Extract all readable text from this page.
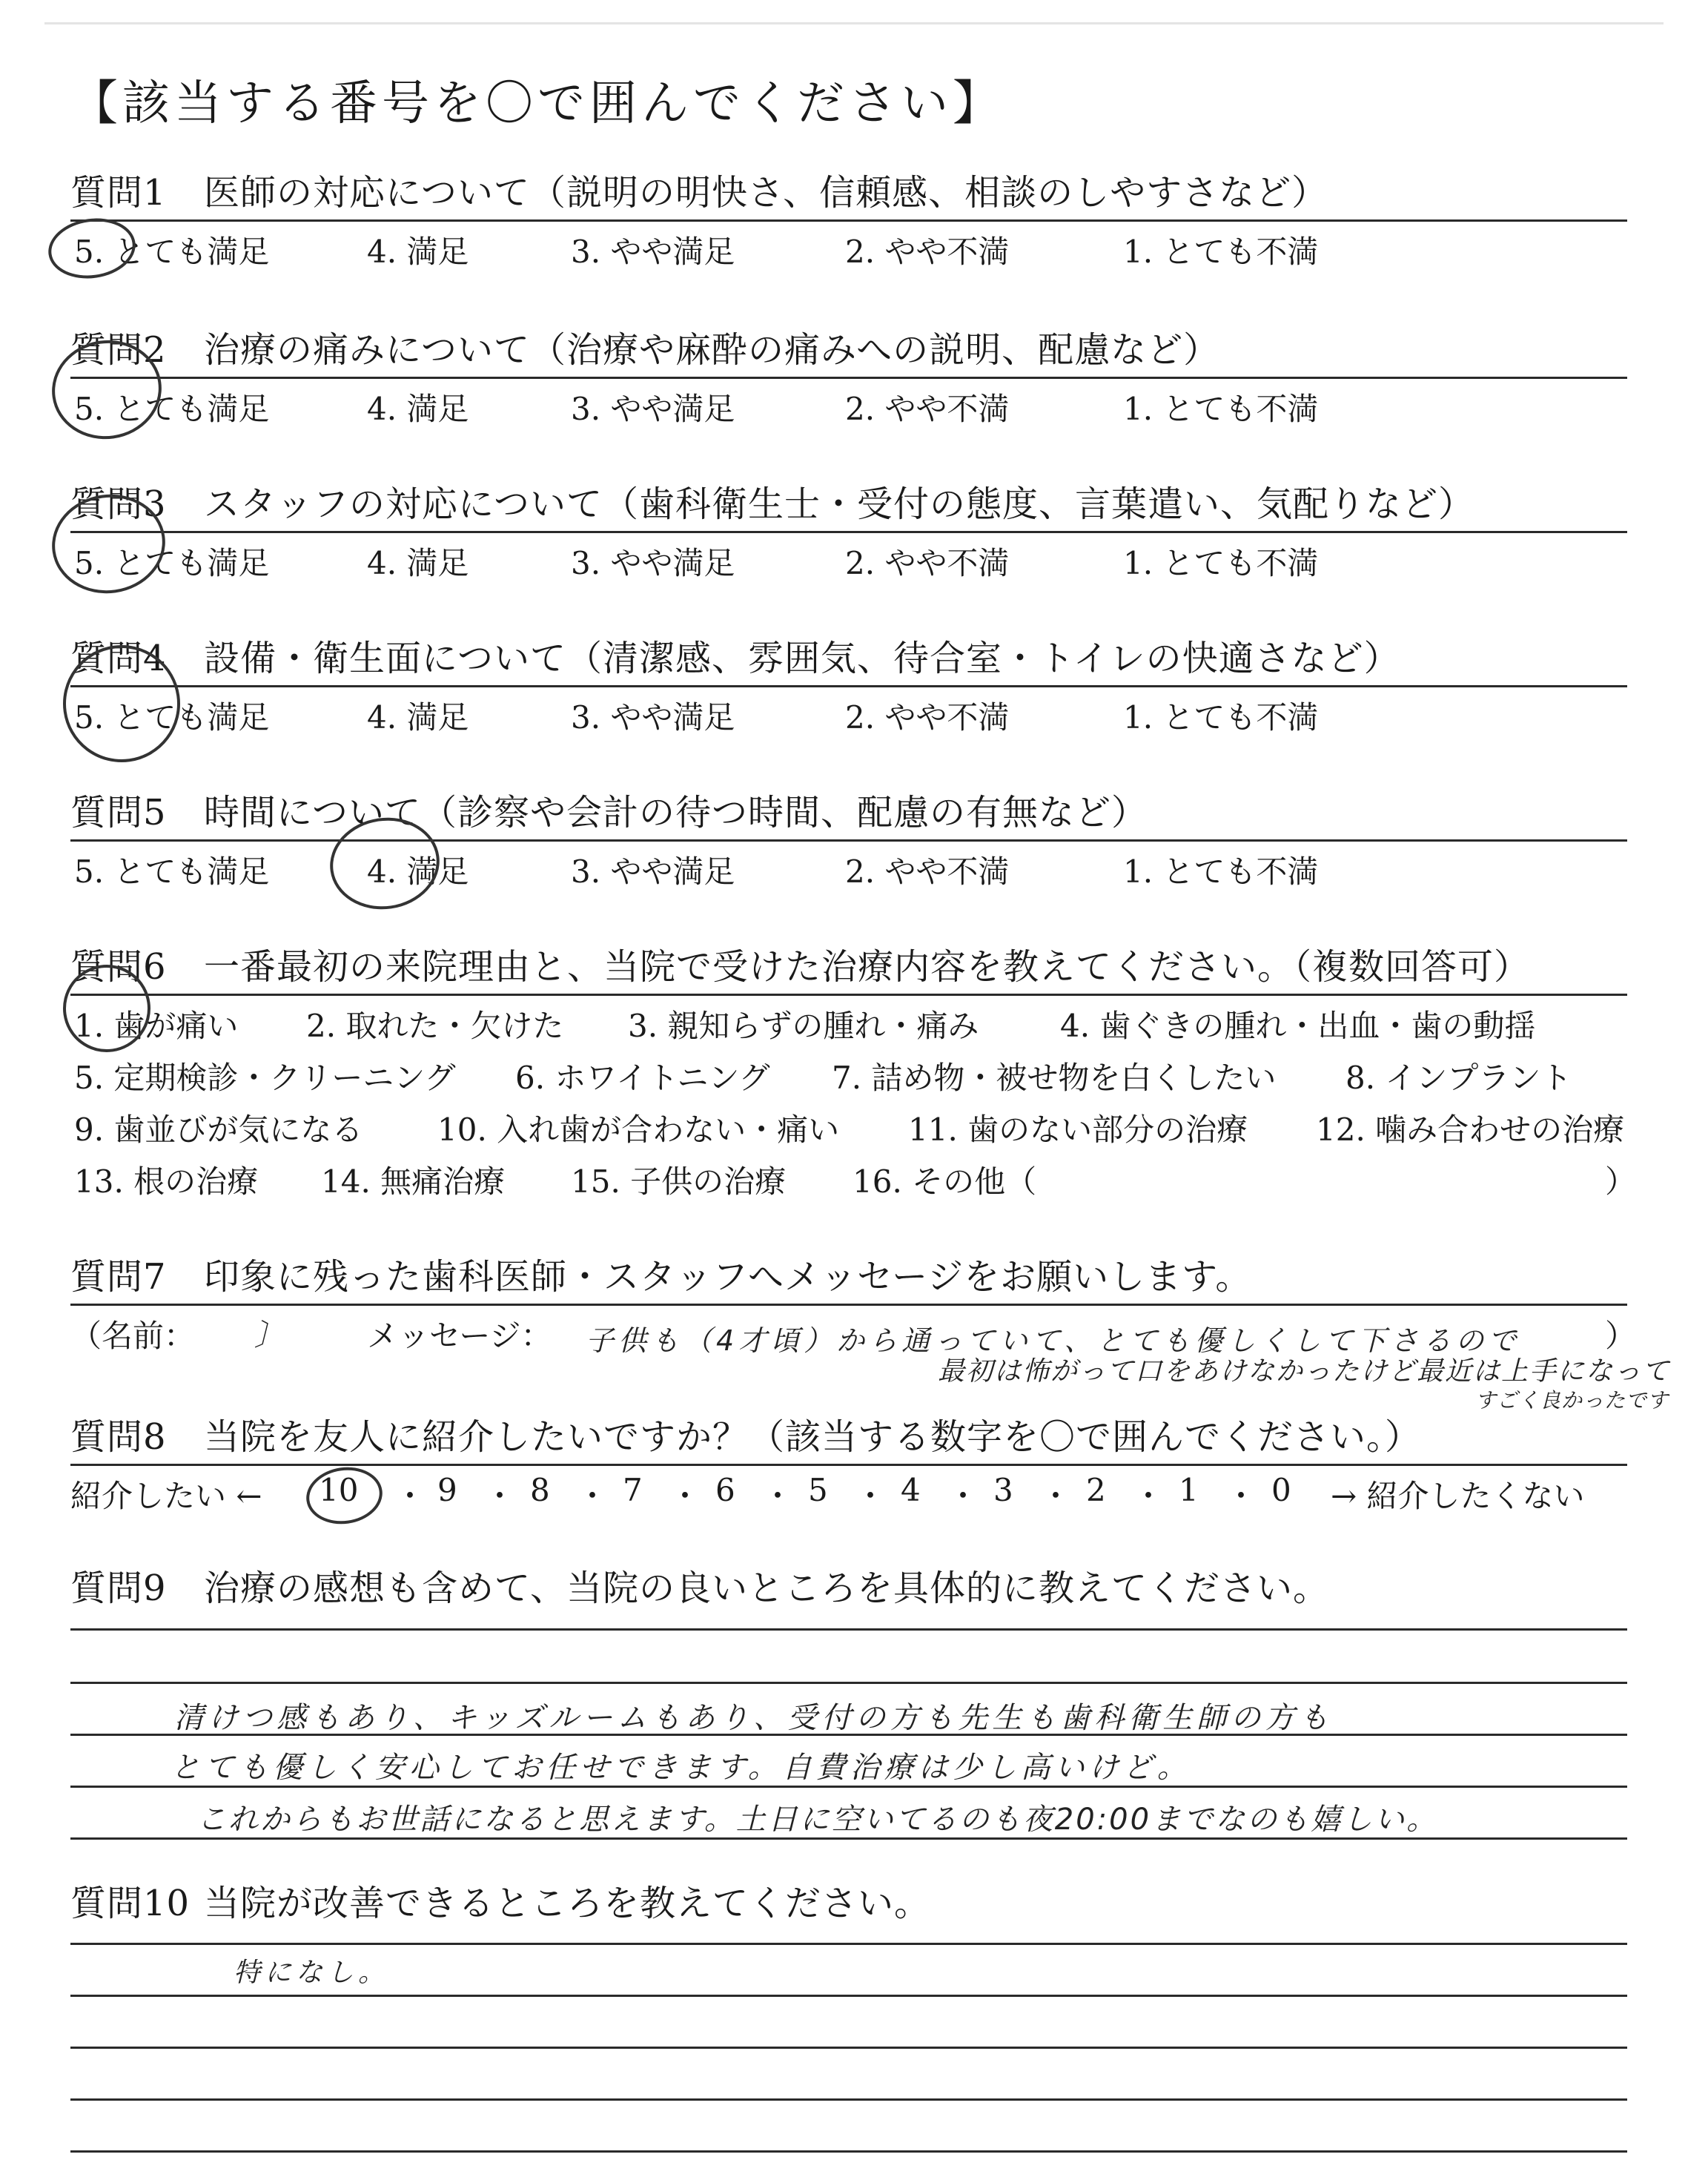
【該当する番号を〇で囲んでください】
質問1 医師の対応について（説明の明快さ、信頼感、相談のしやすさなど）
5. とても満足	4. 満足	3. やや満足	2. やや不満	1. とても不満
質問2 治療の痛みについて（治療や麻酔の痛みへの説明、配慮など）
5. とても満足	4. 満足	3. やや満足	2. やや不満	1. とても不満
質問3 スタッフの対応について（歯科衛生士・受付の態度、言葉遣い、気配りなど）
5. とても満足	4. 満足	3. やや満足	2. やや不満	1. とても不満
質問4 設備・衛生面について（清潔感、雰囲気、待合室・トイレの快適さなど）
5. とても満足	4. 満足	3. やや満足	2. やや不満	1. とても不満
質問5 時間について（診察や会計の待つ時間、配慮の有無など）
5. とても満足	4. 満足	3. やや満足	2. やや不満	1. とても不満
質問6 一番最初の来院理由と、当院で受けた治療内容を教えてください。（複数回答可）
1. 歯が痛い 2. 取れた・欠けた 3. 親知らずの腫れ・痛み	4. 歯ぐきの腫れ・出血・歯の動揺
5. 定期検診・クリーニング 6. ホワイトニング 7. 詰め物・被せ物を白くしたい 8. インプラント
9. 歯並びが気になる 10. 入れ歯が合わない・痛い 11. 歯のない部分の治療 12. 噛み合わせの治療
13. 根の治療 14. 無痛治療 15. 子供の治療 16. その他（	）
質問7 印象に残った歯科医師・スタッフへメッセージをお願いします。
（名前： 〕	メッセージ：	）
子供も（4才頃）から通っていて、とても優しくして下さるので
最初は怖がって口をあけなかったけど最近は上手になって
すごく良かったです
質問8 当院を友人に紹介したいですか？（該当する数字を〇で囲んでください。）
紹介したい ← 10 ・ 9 ・ 8 ・ 7 ・ 6 ・ 5 ・ 4 ・ 3 ・ 2 ・ 1 ・ 0 → 紹介したくない
質問9 治療の感想も含めて、当院の良いところを具体的に教えてください。
清けつ感もあり、キッズルームもあり、受付の方も先生も歯科衛生師の方も
とても優しく安心してお任せできます。自費治療は少し高いけど。
これからもお世話になると思えます。土日に空いてるのも夜20:00までなのも嬉しい。
質問10 当院が改善できるところを教えてください。
特になし。
